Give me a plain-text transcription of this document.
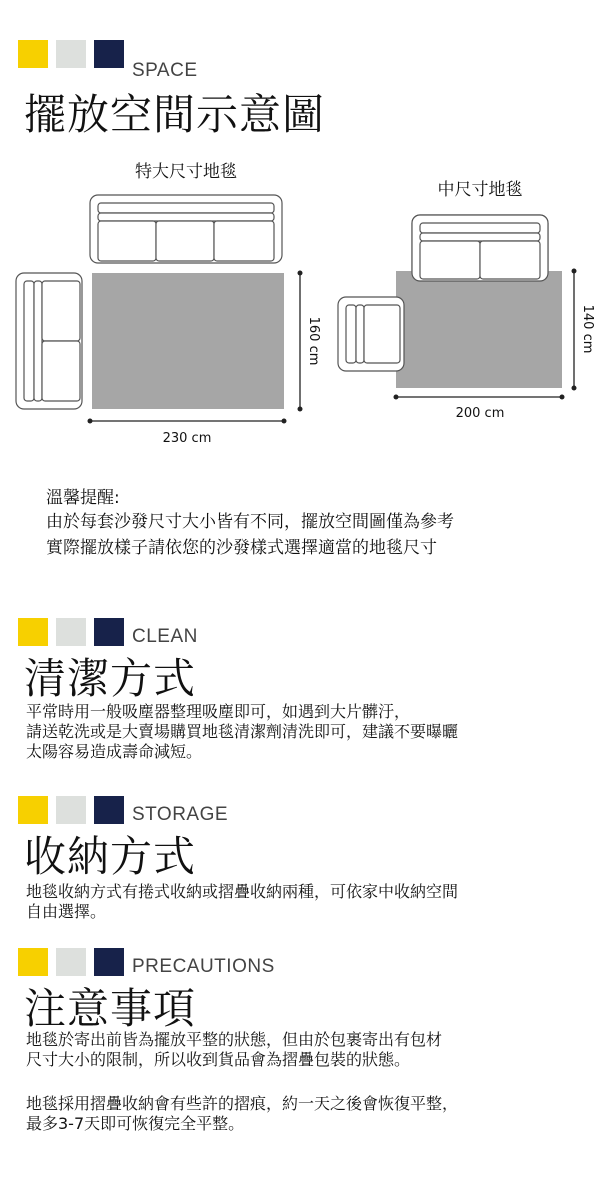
SPACE
擺放空間示意圖
特大尺寸地毯
中尺寸地毯
230 cm
160 cm
200 cm
140 cm
溫馨提醒:
由於每套沙發尺寸大小皆有不同，擺放空間圖僅為參考
實際擺放樣子請依您的沙發樣式選擇適當的地毯尺寸
CLEAN
清潔方式
平常時用一般吸塵器整理吸塵即可，如遇到大片髒汙，
請送乾洗或是大賣場購買地毯清潔劑清洗即可，建議不要曝曬
太陽容易造成壽命減短。
STORAGE
收納方式
地毯收納方式有捲式收納或摺疊收納兩種，可依家中收納空間
自由選擇。
PRECAUTIONS
注意事項
地毯於寄出前皆為擺放平整的狀態，但由於包裹寄出有包材
尺寸大小的限制，所以收到貨品會為摺疊包裝的狀態。
地毯採用摺疊收納會有些許的摺痕，約一天之後會恢復平整，
最多3-7天即可恢復完全平整。
